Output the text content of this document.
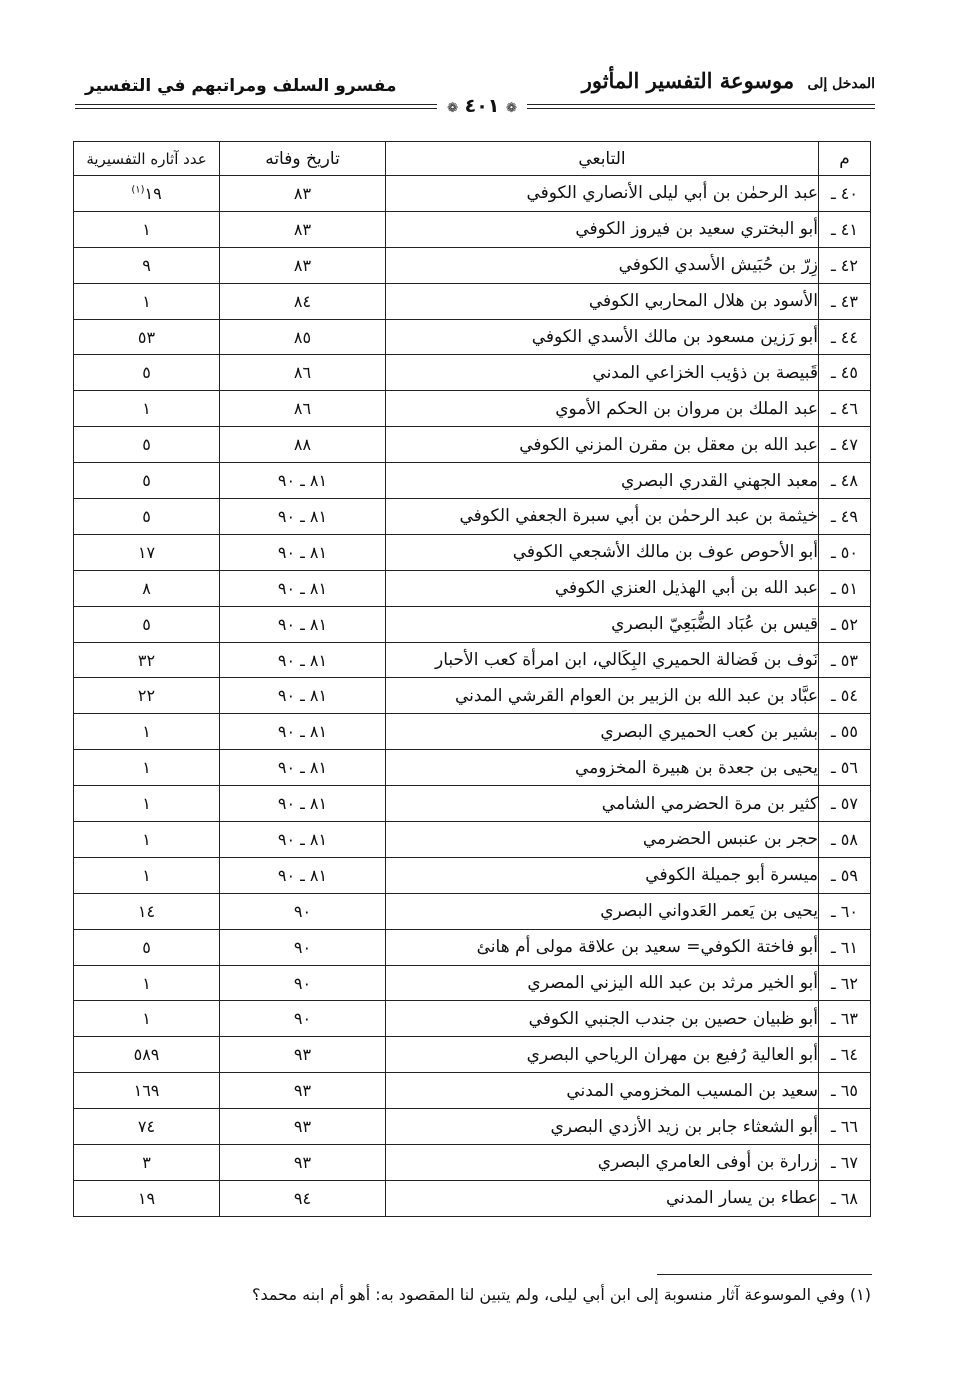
المدخل إلى موسوعة التفسير المأثور
مفسرو السلف ومراتبهم في التفسير
❁ ٤٠١ ❁
م	التابعي	تاريخ وفاته	عدد آثاره التفسيرية
٤٠ ـ	عبد الرحمٰن بن أبي ليلى الأنصاري الكوفي	٨٣	١٩$^{(١)}$
٤١ ـ	أبو البختري سعيد بن فيروز الكوفي	٨٣	١
٤٢ ـ	زِرّ بن حُبَيش الأسدي الكوفي	٨٣	٩
٤٣ ـ	الأسود بن هلال المحاربي الكوفي	٨٤	١
٤٤ ـ	أبو رَزين مسعود بن مالك الأسدي الكوفي	٨٥	٥٣
٤٥ ـ	قَبيصة بن ذؤيب الخزاعي المدني	٨٦	٥
٤٦ ـ	عبد الملك بن مروان بن الحكم الأموي	٨٦	١
٤٧ ـ	عبد الله بن معقل بن مقرن المزني الكوفي	٨٨	٥
٤٨ ـ	معبد الجهني القدري البصري	٨١ ـ ٩٠	٥
٤٩ ـ	خيثمة بن عبد الرحمٰن بن أبي سبرة الجعفي الكوفي	٨١ ـ ٩٠	٥
٥٠ ـ	أبو الأحوص عوف بن مالك الأشجعي الكوفي	٨١ ـ ٩٠	١٧
٥١ ـ	عبد الله بن أبي الهذيل العنزي الكوفي	٨١ ـ ٩٠	٨
٥٢ ـ	قيس بن عُبَاد الضُّبَعِيّ البصري	٨١ ـ ٩٠	٥
٥٣ ـ	نَوف بن فَضالة الحميري البِكَالي، ابن امرأة كعب الأحبار	٨١ ـ ٩٠	٣٢
٥٤ ـ	عبَّاد بن عبد الله بن الزبير بن العوام القرشي المدني	٨١ ـ ٩٠	٢٢
٥٥ ـ	بشير بن كعب الحميري البصري	٨١ ـ ٩٠	١
٥٦ ـ	يحيى بن جعدة بن هبيرة المخزومي	٨١ ـ ٩٠	١
٥٧ ـ	كثير بن مرة الحضرمي الشامي	٨١ ـ ٩٠	١
٥٨ ـ	حجر بن عنبس الحضرمي	٨١ ـ ٩٠	١
٥٩ ـ	ميسرة أبو جميلة الكوفي	٨١ ـ ٩٠	١
٦٠ ـ	يحيى بن يَعمر العَدواني البصري	٩٠	١٤
٦١ ـ	أبو فاختة الكوفي= سعيد بن علاقة مولى أم هانئ	٩٠	٥
٦٢ ـ	أبو الخير مرثد بن عبد الله اليزني المصري	٩٠	١
٦٣ ـ	أبو ظبيان حصين بن جندب الجنبي الكوفي	٩٠	١
٦٤ ـ	أبو العالية رُفيع بن مهران الرياحي البصري	٩٣	٥٨٩
٦٥ ـ	سعيد بن المسيب المخزومي المدني	٩٣	١٦٩
٦٦ ـ	أبو الشعثاء جابر بن زيد الأزدي البصري	٩٣	٧٤
٦٧ ـ	زرارة بن أوفى العامري البصري	٩٣	٣
٦٨ ـ	عطاء بن يسار المدني	٩٤	١٩
(١) وفي الموسوعة آثار منسوبة إلى ابن أبي ليلى، ولم يتبين لنا المقصود به: أهو أم ابنه محمد؟
